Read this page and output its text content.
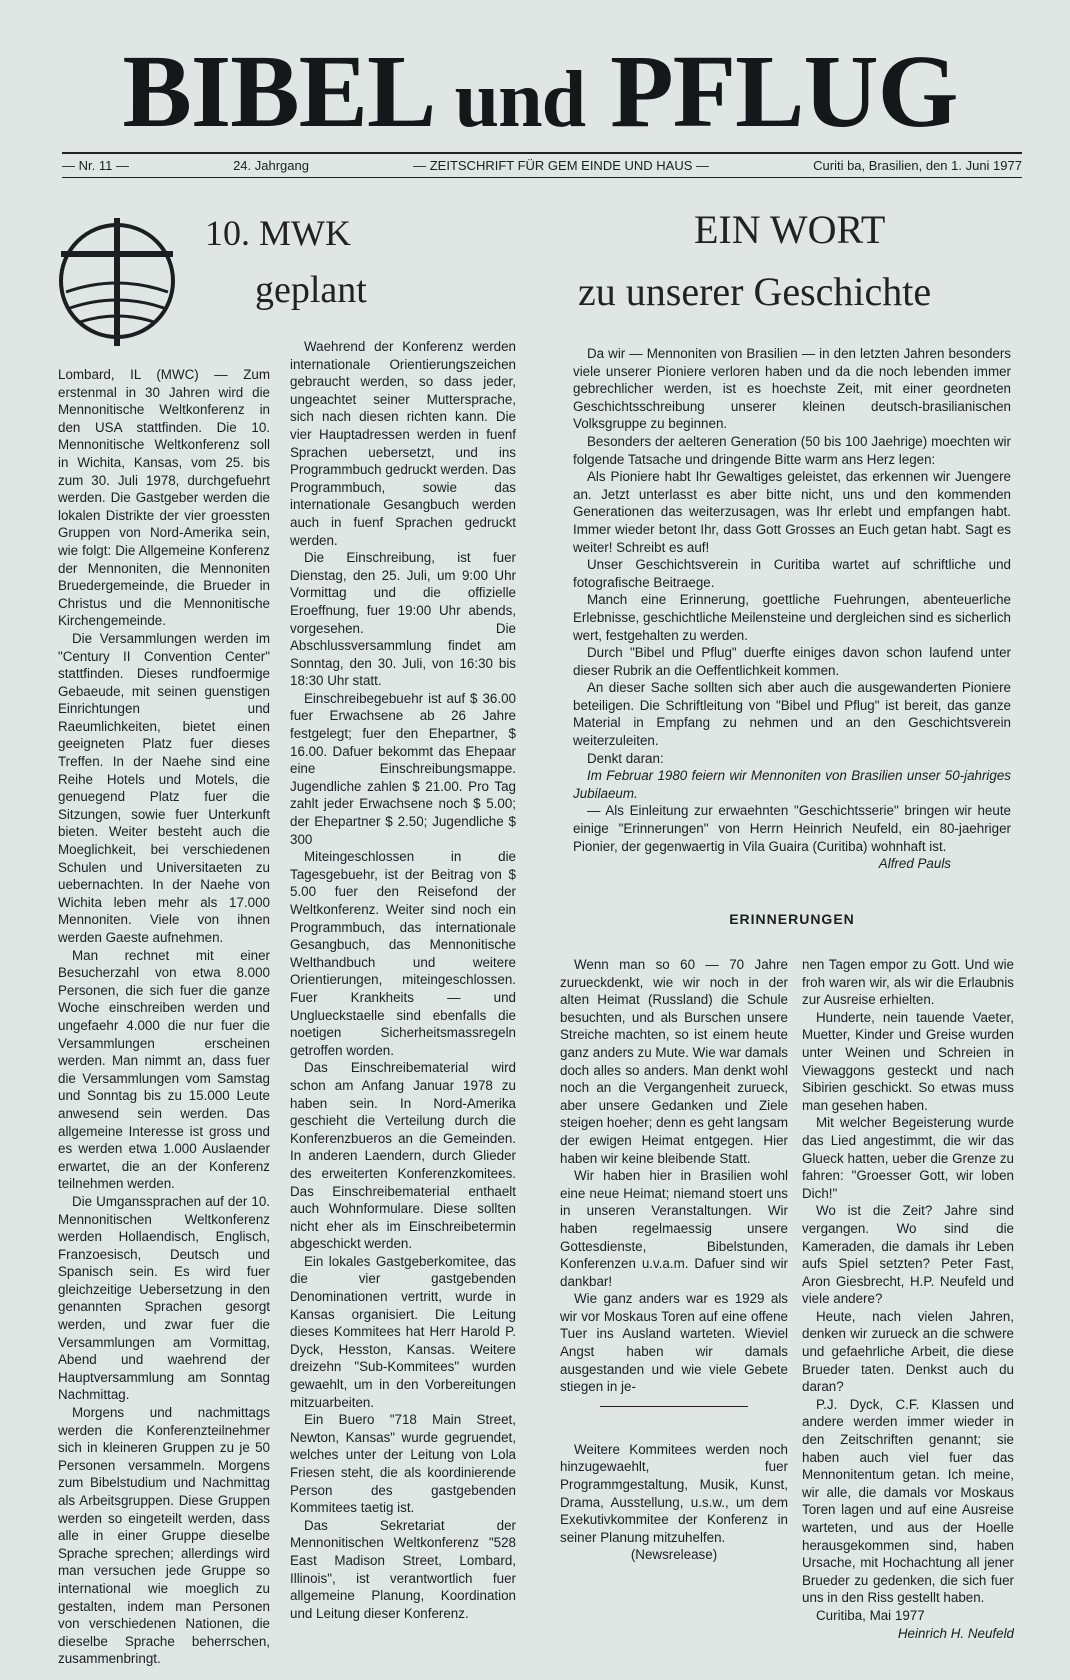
BIBEL und PFLUG
— Nr. 11 —	24. Jahrgang	— ZEITSCHRIFT FÜR GEM EINDE UND HAUS —	Curiti ba, Brasilien, den 1. Juni 1977
10. MWK
geplant
EIN WORT
zu unserer Geschichte

Lombard, IL (MWC) — Zum erstenmal in 30 Jahren wird die Mennonitische Weltkonferenz in den USA stattfinden. Die 10. Mennonitische Weltkonferenz soll in Wichita, Kansas, vom 25. bis zum 30. Juli 1978, durchgefuehrt werden. Die Gastgeber werden die lokalen Distrikte der vier groessten Gruppen von Nord-Amerika sein, wie folgt: Die Allgemeine Konferenz der Mennoniten, die Mennoniten Bruedergemeinde, die Brueder in Christus und die Mennonitische Kirchengemeinde.

Die Versammlungen werden im "Century II Convention Center" stattfinden. Dieses rundfoermige Gebaeude, mit seinen guenstigen Einrichtungen und Raeumlichkeiten, bietet einen geeigneten Platz fuer dieses Treffen. In der Naehe sind eine Reihe Hotels und Motels, die genuegend Platz fuer die Sitzungen, sowie fuer Unterkunft bieten. Weiter besteht auch die Moeglichkeit, bei verschiedenen Schulen und Universitaeten zu uebernachten. In der Naehe von Wichita leben mehr als 17.000 Mennoniten. Viele von ihnen werden Gaeste aufnehmen.

Man rechnet mit einer Besucherzahl von etwa 8.000 Personen, die sich fuer die ganze Woche einschreiben werden und ungefaehr 4.000 die nur fuer die Versammlungen erscheinen werden. Man nimmt an, dass fuer die Versammlungen vom Samstag und Sonntag bis zu 15.000 Leute anwesend sein werden. Das allgemeine Interesse ist gross und es werden etwa 1.000 Auslaender erwartet, die an der Konferenz teilnehmen werden.

Die Umganssprachen auf der 10. Mennonitischen Weltkonferenz werden Hollaendisch, Englisch, Franzoesisch, Deutsch und Spanisch sein. Es wird fuer gleichzeitige Uebersetzung in den genannten Sprachen gesorgt werden, und zwar fuer die Versammlungen am Vormittag, Abend und waehrend der Hauptversammlung am Sonntag Nachmittag.

Morgens und nachmittags werden die Konferenzteilnehmer sich in kleineren Gruppen zu je 50 Personen versammeln. Morgens zum Bibelstudium und Nachmittag als Arbeitsgruppen. Diese Gruppen werden so eingeteilt werden, dass alle in einer Gruppe dieselbe Sprache sprechen; allerdings wird man versuchen jede Gruppe so international wie moeglich zu gestalten, indem man Personen von verschiedenen Nationen, die dieselbe Sprache beherrschen, zusammenbringt.

Waehrend der Konferenz werden internationale Orientierungszeichen gebraucht werden, so dass jeder, ungeachtet seiner Muttersprache, sich nach diesen richten kann. Die vier Hauptadressen werden in fuenf Sprachen uebersetzt, und ins Programmbuch gedruckt werden. Das Programmbuch, sowie das internationale Gesangbuch werden auch in fuenf Sprachen gedruckt werden.

Die Einschreibung, ist fuer Dienstag, den 25. Juli, um 9:00 Uhr Vormittag und die offizielle Eroeffnung, fuer 19:00 Uhr abends, vorgesehen. Die Abschlussversammlung findet am Sonntag, den 30. Juli, von 16:30 bis 18:30 Uhr statt.

Einschreibegebuehr ist auf $ 36.00 fuer Erwachsene ab 26 Jahre festgelegt; fuer den Ehepartner, $ 16.00. Dafuer bekommt das Ehepaar eine Einschreibungsmappe. Jugendliche zahlen $ 21.00. Pro Tag zahlt jeder Erwachsene noch $ 5.00; der Ehepartner $ 2.50; Jugendliche $ 300

Miteingeschlossen in die Tagesgebuehr, ist der Beitrag von $ 5.00 fuer den Reisefond der Weltkonferenz. Weiter sind noch ein Programmbuch, das internationale Gesangbuch, das Mennonitische Welthandbuch und weitere Orientierungen, miteingeschlossen. Fuer Krankheits — und Unglueckstaelle sind ebenfalls die noetigen Sicherheitsmassregeln getroffen worden.

Das Einschreibematerial wird schon am Anfang Januar 1978 zu haben sein. In Nord-Amerika geschieht die Verteilung durch die Konferenzbueros an die Gemeinden. In anderen Laendern, durch Glieder des erweiterten Konferenzkomitees. Das Einschreibematerial enthaelt auch Wohnformulare. Diese sollten nicht eher als im Einschreibetermin abgeschickt werden.

Ein lokales Gastgeberkomitee, das die vier gastgebenden Denominationen vertritt, wurde in Kansas organisiert. Die Leitung dieses Kommitees hat Herr Harold P. Dyck, Hesston, Kansas. Weitere dreizehn "Sub-Kommitees" wurden gewaehlt, um in den Vorbereitungen mitzuarbeiten.

Ein Buero "718 Main Street, Newton, Kansas" wurde gegruendet, welches unter der Leitung von Lola Friesen steht, die als koordinierende Person des gastgebenden Kommitees taetig ist.

Das Sekretariat der Mennonitischen Weltkonferenz "528 East Madison Street, Lombard, Illinois", ist verantwortlich fuer allgemeine Planung, Koordination und Leitung dieser Konferenz.

Da wir — Mennoniten von Brasilien — in den letzten Jahren besonders viele unserer Pioniere verloren haben und da die noch lebenden immer gebrechlicher werden, ist es hoechste Zeit, mit einer geordneten Geschichtsschreibung unserer kleinen deutsch-brasilianischen Volksgruppe zu beginnen.

Besonders der aelteren Generation (50 bis 100 Jaehrige) moechten wir folgende Tatsache und dringende Bitte warm ans Herz legen:

Als Pioniere habt Ihr Gewaltiges geleistet, das erkennen wir Juengere an. Jetzt unterlasst es aber bitte nicht, uns und den kommenden Generationen das weiterzusagen, was Ihr erlebt und empfangen habt. Immer wieder betont Ihr, dass Gott Grosses an Euch getan habt. Sagt es weiter! Schreibt es auf!

Unser Geschichtsverein in Curitiba wartet auf schriftliche und fotografische Beitraege.

Manch eine Erinnerung, goettliche Fuehrungen, abenteuerliche Erlebnisse, geschichtliche Meilensteine und dergleichen sind es sicherlich wert, festgehalten zu werden.

Durch "Bibel und Pflug" duerfte einiges davon schon laufend unter dieser Rubrik an die Oeffentlichkeit kommen.

An dieser Sache sollten sich aber auch die ausgewanderten Pioniere beteiligen. Die Schriftleitung von "Bibel und Pflug" ist bereit, das ganze Material in Empfang zu nehmen und an den Geschichtsverein weiterzuleiten.

Denkt daran:

Im Februar 1980 feiern wir Mennoniten von Brasilien unser 50-jahriges Jubilaeum.

— Als Einleitung zur erwaehnten "Geschichtsserie" bringen wir heute einige "Erinnerungen" von Herrn Heinrich Neufeld, ein 80-jaehriger Pionier, der gegenwaertig in Vila Guaira (Curitiba) wohnhaft ist.

Alfred Pauls

ERINNERUNGEN

Wenn man so 60 — 70 Jahre zurueckdenkt, wie wir noch in der alten Heimat (Russland) die Schule besuchten, und als Burschen unsere Streiche machten, so ist einem heute ganz anders zu Mute. Wie war damals doch alles so anders. Man denkt wohl noch an die Vergangenheit zurueck, aber unsere Gedanken und Ziele steigen hoeher; denn es geht langsam der ewigen Heimat entgegen. Hier haben wir keine bleibende Statt.

Wir haben hier in Brasilien wohl eine neue Heimat; niemand stoert uns in unseren Veranstaltungen. Wir haben regelmaessig unsere Gottesdienste, Bibelstunden, Konferenzen u.v.a.m. Dafuer sind wir dankbar!

Wie ganz anders war es 1929 als wir vor Moskaus Toren auf eine offene Tuer ins Ausland warteten. Wieviel Angst haben wir damals ausgestanden und wie viele Gebete stiegen in je-

Weitere Kommitees werden noch hinzugewaehlt, fuer Programmgestaltung, Musik, Kunst, Drama, Ausstellung, u.s.w., um dem Exekutivkommitee der Konferenz in seiner Planung mitzuhelfen.

(Newsrelease)

nen Tagen empor zu Gott. Und wie froh waren wir, als wir die Erlaubnis zur Ausreise erhielten.

Hunderte, nein tauende Vaeter, Muetter, Kinder und Greise wurden unter Weinen und Schreien in Viewaggons gesteckt und nach Sibirien geschickt. So etwas muss man gesehen haben.

Mit welcher Begeisterung wurde das Lied angestimmt, die wir das Glueck hatten, ueber die Grenze zu fahren: "Groesser Gott, wir loben Dich!"

Wo ist die Zeit? Jahre sind vergangen. Wo sind die Kameraden, die damals ihr Leben aufs Spiel setzten? Peter Fast, Aron Giesbrecht, H.P. Neufeld und viele andere?

Heute, nach vielen Jahren, denken wir zurueck an die schwere und gefaehrliche Arbeit, die diese Brueder taten. Denkst auch du daran?

P.J. Dyck, C.F. Klassen und andere werden immer wieder in den Zeitschriften genannt; sie haben auch viel fuer das Mennonitentum getan. Ich meine, wir alle, die damals vor Moskaus Toren lagen und auf eine Ausreise warteten, und aus der Hoelle herausgekommen sind, haben Ursache, mit Hochachtung all jener Brueder zu gedenken, die sich fuer uns in den Riss gestellt haben.

Curitiba, Mai 1977

Heinrich H. Neufeld
